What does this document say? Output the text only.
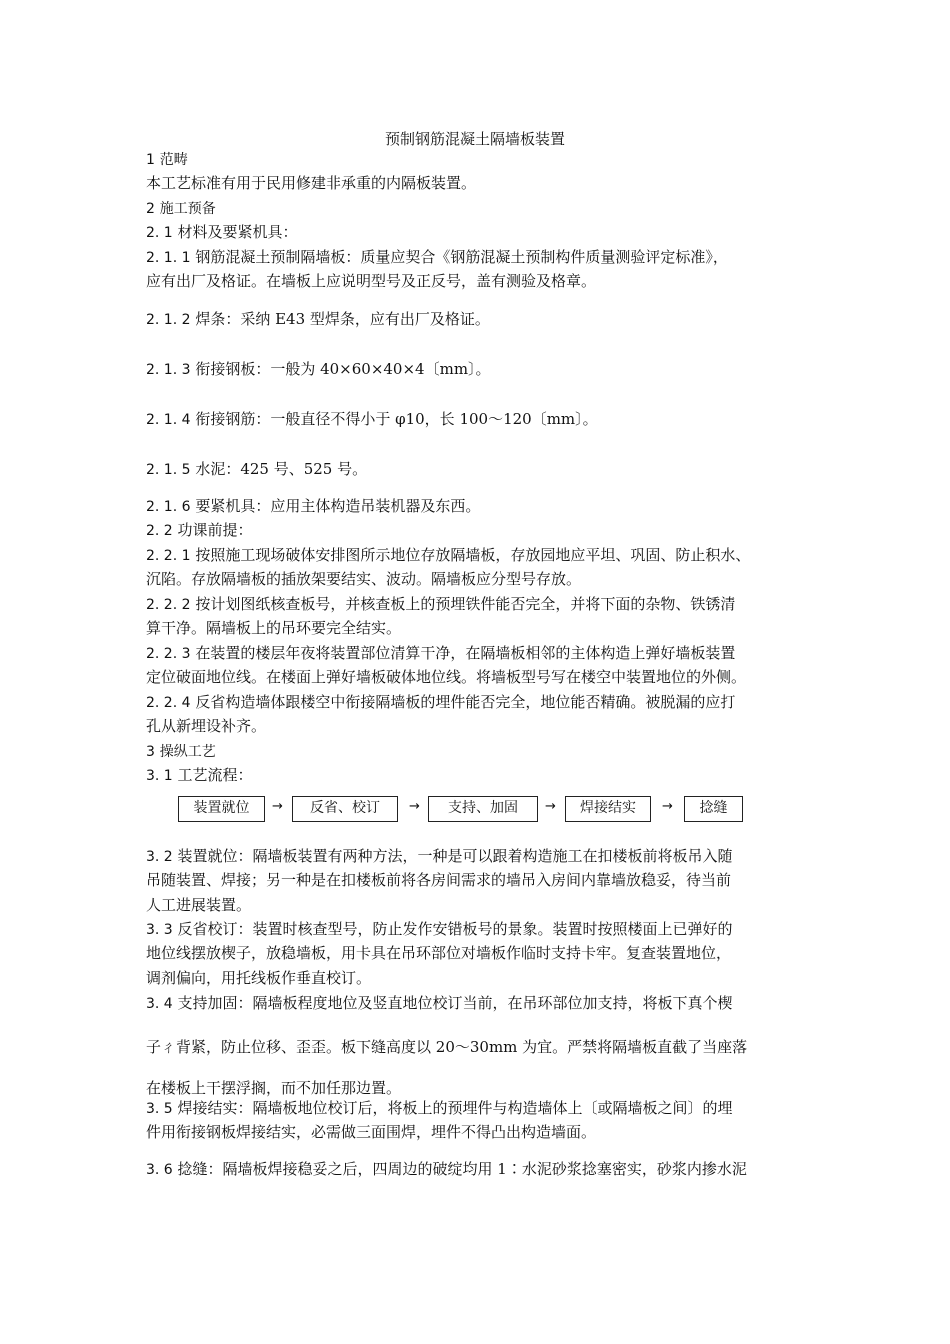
预制钢筋混凝土隔墙板装置
1 范畴
本工艺标准有用于民用修建非承重的内隔板装置。
2 施工预备
2. 1 材料及要紧机具：
2. 1. 1 钢筋混凝土预制隔墙板：质量应契合《钢筋混凝土预制构件质量测验评定标准》，
应有出厂及格证。在墙板上应说明型号及正反号，盖有测验及格章。
2. 1. 2 焊条：采纳 E43 型焊条，应有出厂及格证。
2. 1. 3 衔接钢板：一般为 40×60×40×4〔mm〕。
2. 1. 4 衔接钢筋：一般直径不得小于 φ10，长 100～120〔mm〕。
2. 1. 5 水泥：425 号、525 号。
2. 1. 6 要紧机具：应用主体构造吊装机器及东西。
2. 2 功课前提：
2. 2. 1 按照施工现场破体安排图所示地位存放隔墙板，存放园地应平坦、巩固、防止积水、
沉陷。存放隔墙板的插放架要结实、波动。隔墙板应分型号存放。
2. 2. 2 按计划图纸核查板号，并核查板上的预埋铁件能否完全，并将下面的杂物、铁锈清
算干净。隔墙板上的吊环要完全结实。
2. 2. 3 在装置的楼层年夜将装置部位清算干净，在隔墙板相邻的主体构造上弹好墙板装置
定位破面地位线。在楼面上弹好墙板破体地位线。将墙板型号写在楼空中装置地位的外侧。
2. 2. 4 反省构造墙体跟楼空中衔接隔墙板的埋件能否完全，地位能否精确。被脱漏的应打
孔从新埋设补齐。
3 操纵工艺
3. 1 工艺流程：
3. 2 装置就位：隔墙板装置有两种方法，一种是可以跟着构造施工在扣楼板前将板吊入随
吊随装置、焊接；另一种是在扣楼板前将各房间需求的墙吊入房间内靠墙放稳妥，待当前
人工进展装置。
3. 3 反省校订：装置时核查型号，防止发作安错板号的景象。装置时按照楼面上已弹好的
地位线摆放楔子，放稳墙板，用卡具在吊环部位对墙板作临时支持卡牢。复查装置地位，
调剂偏向，用托线板作垂直校订。
3. 4 支持加固：隔墙板程度地位及竖直地位校订当前，在吊环部位加支持，将板下真个楔
子ㄔ背紧，防止位移、歪歪。板下缝高度以 20～30mm 为宜。严禁将隔墙板直截了当座落
在楼板上干摆浮搁，而不加任那边置。
3. 5 焊接结实：隔墙板地位校订后，将板上的预埋件与构造墙体上〔或隔墙板之间〕的埋
件用衔接钢板焊接结实，必需做三面围焊，埋件不得凸出构造墙面。
3. 6 捻缝：隔墙板焊接稳妥之后，四周边的破绽均用 1∶水泥砂浆捻塞密实，砂浆内掺水泥
装置就位	→	反省、校订	→	支持、加固	→	焊接结实	→	捻缝
